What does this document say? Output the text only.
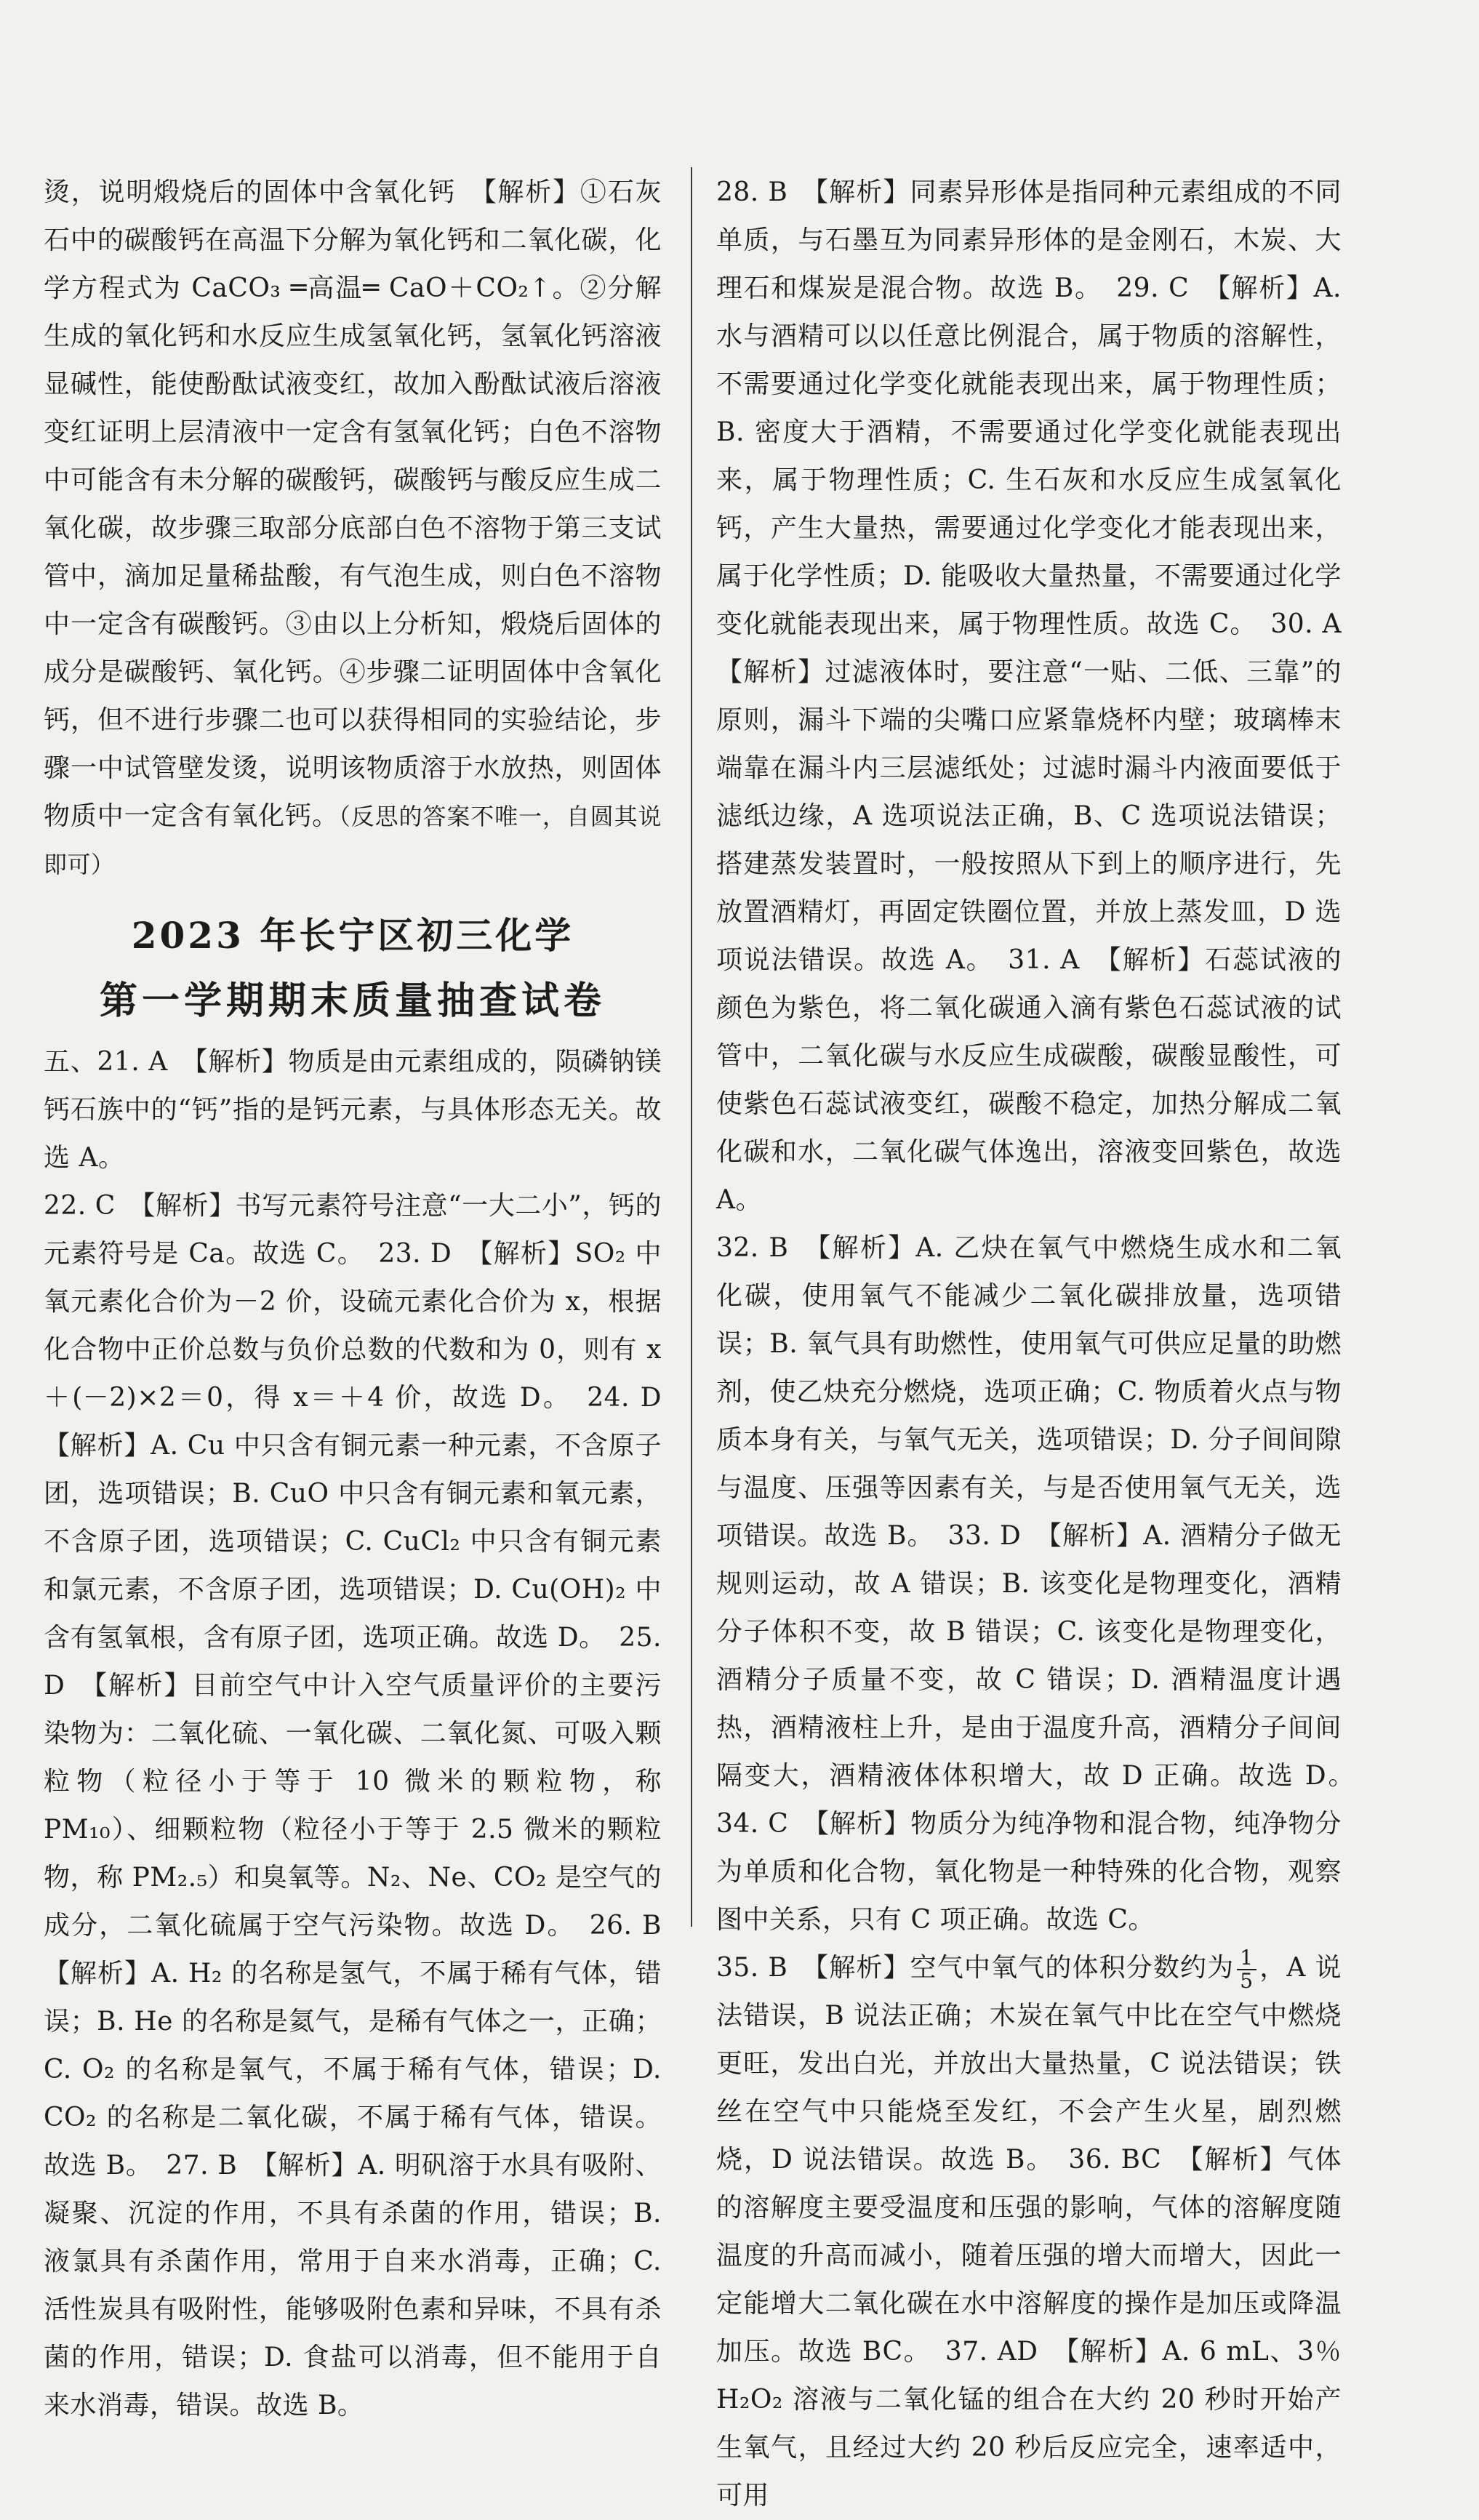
烫，说明煅烧后的固体中含氧化钙　【解析】①石灰石中的碳酸钙在高温下分解为氧化钙和二氧化碳，化学方程式为 CaCO₃ ═高温═ CaO＋CO₂↑。②分解生成的氧化钙和水反应生成氢氧化钙，氢氧化钙溶液显碱性，能使酚酞试液变红，故加入酚酞试液后溶液变红证明上层清液中一定含有氢氧化钙；白色不溶物中可能含有未分解的碳酸钙，碳酸钙与酸反应生成二氧化碳，故步骤三取部分底部白色不溶物于第三支试管中，滴加足量稀盐酸，有气泡生成，则白色不溶物中一定含有碳酸钙。③由以上分析知，煅烧后固体的成分是碳酸钙、氧化钙。④步骤二证明固体中含氧化钙，但不进行步骤二也可以获得相同的实验结论，步骤一中试管壁发烫，说明该物质溶于水放热，则固体物质中一定含有氧化钙。（反思的答案不唯一，自圆其说即可）

2023 年长宁区初三化学
第一学期期末质量抽查试卷

五、21. A　【解析】物质是由元素组成的，陨磷钠镁钙石族中的“钙”指的是钙元素，与具体形态无关。故选 A。

22. C　【解析】书写元素符号注意“一大二小”，钙的元素符号是 Ca。故选 C。　23. D　【解析】SO₂ 中氧元素化合价为－2 价，设硫元素化合价为 x，根据化合物中正价总数与负价总数的代数和为 0，则有 x＋(－2)×2＝0，得 x＝＋4 价，故选 D。　24. D　【解析】A. Cu 中只含有铜元素一种元素，不含原子团，选项错误；B. CuO 中只含有铜元素和氧元素，不含原子团，选项错误；C. CuCl₂ 中只含有铜元素和氯元素，不含原子团，选项错误；D. Cu(OH)₂ 中含有氢氧根，含有原子团，选项正确。故选 D。　25. D　【解析】目前空气中计入空气质量评价的主要污染物为：二氧化硫、一氧化碳、二氧化氮、可吸入颗粒物（粒径小于等于 10 微米的颗粒物，称 PM₁₀）、细颗粒物（粒径小于等于 2.5 微米的颗粒物，称 PM₂.₅）和臭氧等。N₂、Ne、CO₂ 是空气的成分，二氧化硫属于空气污染物。故选 D。　26. B　【解析】A. H₂ 的名称是氢气，不属于稀有气体，错误；B. He 的名称是氦气，是稀有气体之一，正确；C. O₂ 的名称是氧气，不属于稀有气体，错误；D. CO₂ 的名称是二氧化碳，不属于稀有气体，错误。故选 B。　27. B　【解析】A. 明矾溶于水具有吸附、凝聚、沉淀的作用，不具有杀菌的作用，错误；B. 液氯具有杀菌作用，常用于自来水消毒，正确；C. 活性炭具有吸附性，能够吸附色素和异味，不具有杀菌的作用，错误；D. 食盐可以消毒，但不能用于自来水消毒，错误。故选 B。

28. B　【解析】同素异形体是指同种元素组成的不同单质，与石墨互为同素异形体的是金刚石，木炭、大理石和煤炭是混合物。故选 B。　29. C　【解析】A. 水与酒精可以以任意比例混合，属于物质的溶解性，不需要通过化学变化就能表现出来，属于物理性质；B. 密度大于酒精，不需要通过化学变化就能表现出来，属于物理性质；C. 生石灰和水反应生成氢氧化钙，产生大量热，需要通过化学变化才能表现出来，属于化学性质；D. 能吸收大量热量，不需要通过化学变化就能表现出来，属于物理性质。故选 C。　30. A　【解析】过滤液体时，要注意“一贴、二低、三靠”的原则，漏斗下端的尖嘴口应紧靠烧杯内壁；玻璃棒末端靠在漏斗内三层滤纸处；过滤时漏斗内液面要低于滤纸边缘，A 选项说法正确，B、C 选项说法错误；搭建蒸发装置时，一般按照从下到上的顺序进行，先放置酒精灯，再固定铁圈位置，并放上蒸发皿，D 选项说法错误。故选 A。　31. A　【解析】石蕊试液的颜色为紫色，将二氧化碳通入滴有紫色石蕊试液的试管中，二氧化碳与水反应生成碳酸，碳酸显酸性，可使紫色石蕊试液变红，碳酸不稳定，加热分解成二氧化碳和水，二氧化碳气体逸出，溶液变回紫色，故选 A。

32. B　【解析】A. 乙炔在氧气中燃烧生成水和二氧化碳，使用氧气不能减少二氧化碳排放量，选项错误；B. 氧气具有助燃性，使用氧气可供应足量的助燃剂，使乙炔充分燃烧，选项正确；C. 物质着火点与物质本身有关，与氧气无关，选项错误；D. 分子间间隙与温度、压强等因素有关，与是否使用氧气无关，选项错误。故选 B。　33. D　【解析】A. 酒精分子做无规则运动，故 A 错误；B. 该变化是物理变化，酒精分子体积不变，故 B 错误；C. 该变化是物理变化，酒精分子质量不变，故 C 错误；D. 酒精温度计遇热，酒精液柱上升，是由于温度升高，酒精分子间间隔变大，酒精液体体积增大，故 D 正确。故选 D。　34. C　【解析】物质分为纯净物和混合物，纯净物分为单质和化合物，氧化物是一种特殊的化合物，观察图中关系，只有 C 项正确。故选 C。

35. B　【解析】空气中氧气的体积分数约为 $\frac{1}{5}$ ，A 说法错误，B 说法正确；木炭在氧气中比在空气中燃烧更旺，发出白光，并放出大量热量，C 说法错误；铁丝在空气中只能烧至发红，不会产生火星，剧烈燃烧，D 说法错误。故选 B。　36. BC　【解析】气体的溶解度主要受温度和压强的影响，气体的溶解度随温度的升高而减小，随着压强的增大而增大，因此一定能增大二氧化碳在水中溶解度的操作是加压或降温加压。故选 BC。　37. AD　【解析】A. 6 mL、3％ H₂O₂ 溶液与二氧化锰的组合在大约 20 秒时开始产生氧气，且经过大约 20 秒后反应完全，速率适中，可用
